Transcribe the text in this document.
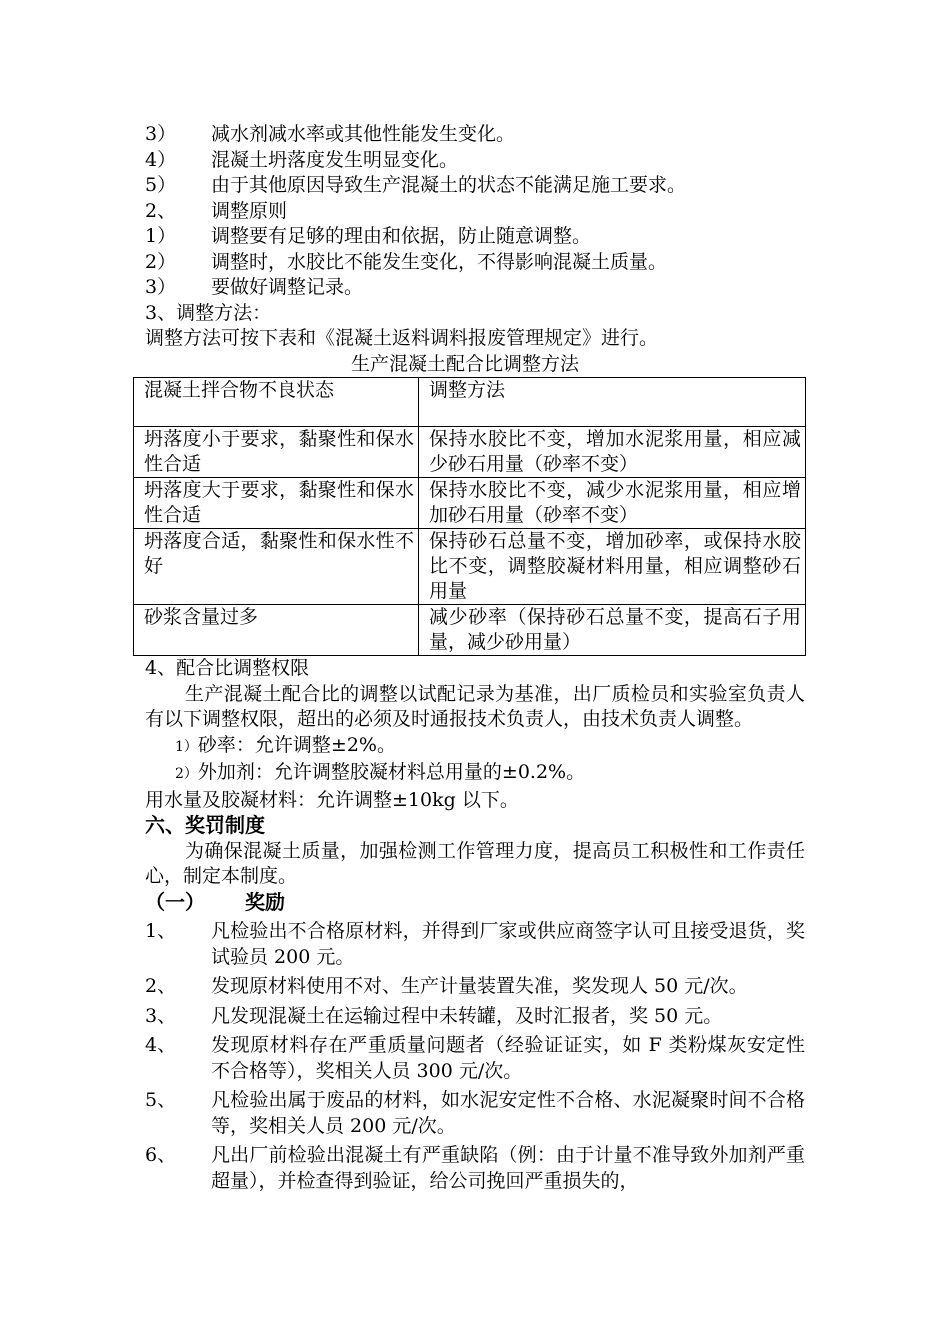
3）	减水剂减水率或其他性能发生变化。
4）	混凝土坍落度发生明显变化。
5）	由于其他原因导致生产混凝土的状态不能满足施工要求。
2、	调整原则
1）	调整要有足够的理由和依据，防止随意调整。
2）	调整时，水胶比不能发生变化，不得影响混凝土质量。
3）	要做好调整记录。
3、调整方法：
调整方法可按下表和《混凝土返料调料报废管理规定》进行。
生产混凝土配合比调整方法
混凝土拌合物不良状态	调整方法
坍落度小于要求，黏聚性和保水性合适	保持水胶比不变，增加水泥浆用量，相应减少砂石用量（砂率不变）
坍落度大于要求，黏聚性和保水性合适	保持水胶比不变，减少水泥浆用量，相应增加砂石用量（砂率不变）
坍落度合适，黏聚性和保水性不好	保持砂石总量不变，增加砂率，或保持水胶比不变，调整胶凝材料用量，相应调整砂石用量
砂浆含量过多	减少砂率（保持砂石总量不变，提高石子用量，减少砂用量）
4、配合比调整权限
生产混凝土配合比的调整以试配记录为基准，出厂质检员和实验室负责人有以下调整权限，超出的必须及时通报技术负责人，由技术负责人调整。
1）砂率：允许调整±2%。
2）外加剂：允许调整胶凝材料总用量的±0.2%。
用水量及胶凝材料：允许调整±10kg 以下。
六、奖罚制度
为确保混凝土质量，加强检测工作管理力度，提高员工积极性和工作责任心，制定本制度。
（一） 奖励
1、	凡检验出不合格原材料，并得到厂家或供应商签字认可且接受退货，奖试验员 200 元。
2、	发现原材料使用不对、生产计量装置失准，奖发现人 50 元/次。
3、	凡发现混凝土在运输过程中未转罐，及时汇报者，奖 50 元。
4、	发现原材料存在严重质量问题者（经验证证实，如 F 类粉煤灰安定性不合格等），奖相关人员 300 元/次。
5、	凡检验出属于废品的材料，如水泥安定性不合格、水泥凝聚时间不合格等，奖相关人员 200 元/次。
6、	凡出厂前检验出混凝土有严重缺陷（例：由于计量不准导致外加剂严重超量），并检查得到验证，给公司挽回严重损失的，
